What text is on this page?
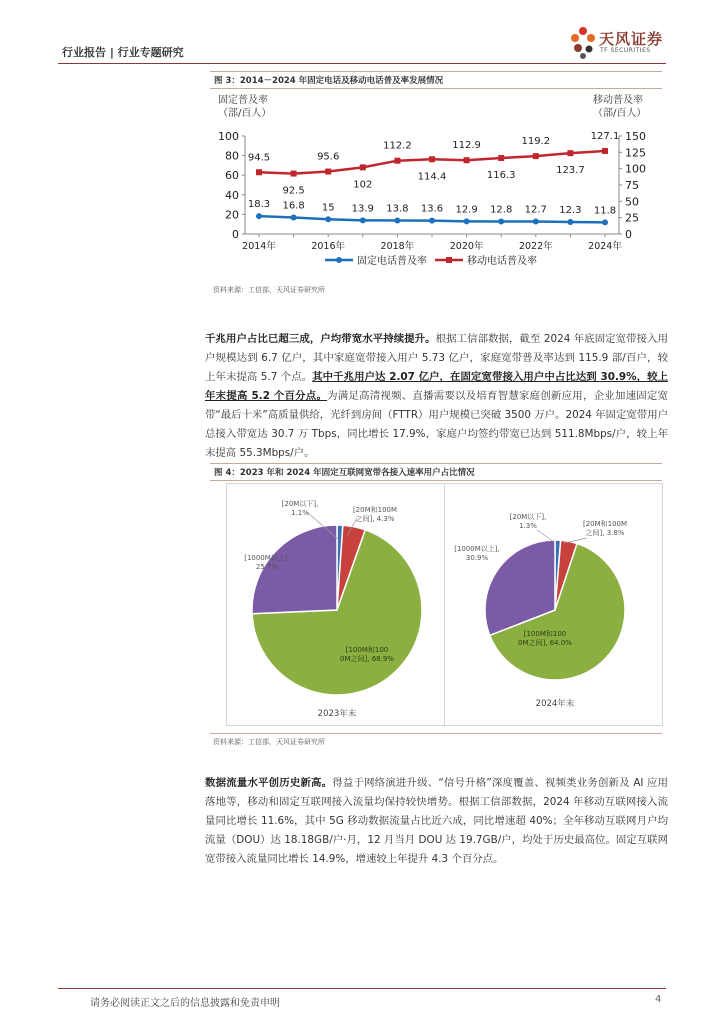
行业报告 | 行业专题研究
天风证券
TF SECURITIES
图 3：2014－2024 年固定电话及移动电话普及率发展情况
固定普及率
（部/百人）
移动普及率
（部/百人）
0
20
40
60
80
100
0
25
50
75
100
125
150
2014年	2016年	2018年	2020年	2022年	2024年
18.3 16.8 15 13.9 13.8 13.6 12.9 12.8 12.7 12.3 11.8
94.5
92.5
95.6
102
112.2
114.4
112.9
116.3
119.2
123.7
127.1
固定电话普及率	移动电话普及率
资料来源：工信部，天风证券研究所
千兆用户占比已超三成，户均带宽水平持续提升。根据工信部数据，截至 2024 年底固定宽带接入用户规模达到 6.7 亿户，其中家庭宽带接入用户 5.73 亿户，家庭宽带普及率达到 115.9 部/百户，较上年末提高 5.7 个点。其中千兆用户达 2.07 亿户，在固定宽带接入用户中占比达到 30.9%，较上年末提高 5.2 个百分点。为满足高清视频、直播需要以及培育智慧家庭创新应用，企业加速固定宽带“最后十米”高质量供给，光纤到房间（FTTR）用户规模已突破 3500 万户。2024 年固定宽带用户总接入带宽达 30.7 万 Tbps，同比增长 17.9%，家庭户均签约带宽已达到 511.8Mbps/户，较上年末提高 55.3Mbps/户。
图 4：2023 年和 2024 年固定互联网宽带各接入速率用户占比情况
[20M以下],
1.1%	[20M和100M
之间], 4.3%
[100M和100
0M之间], 68.9%
[1000M以上],
25.7%
2023年末
[20M以下],
1.3%	[20M和100M
之间], 3.8%
[100M和100
0M之间], 64.0%
[1000M以上],
30.9%
2024年末
资料来源：工信部，天风证券研究所
数据流量水平创历史新高。得益于网络演进升级、“信号升格”深度覆盖、视频类业务创新及 AI 应用落地等，移动和固定互联网接入流量均保持较快增势。根据工信部数据，2024 年移动互联网接入流量同比增长 11.6%，其中 5G 移动数据流量占比近六成，同比增速超 40%；全年移动互联网月户均流量（DOU）达 18.18GB/户·月，12 月当月 DOU 达 19.7GB/户，均处于历史最高位。固定互联网宽带接入流量同比增长 14.9%，增速较上年提升 4.3 个百分点。
请务必阅读正文之后的信息披露和免责申明	4
